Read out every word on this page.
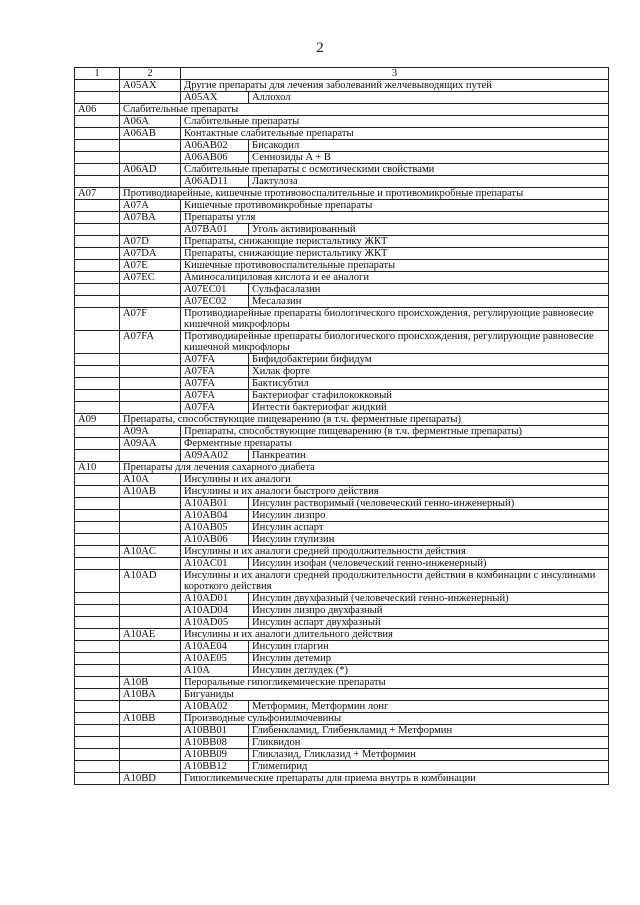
2
1	2	3	
	A05AX	Другие препараты для лечения заболеваний желчевыводящих путей	
		A05AX	Аллохол
A06	Слабительные препараты		
	A06A	Слабительные препараты	
	A06AB	Контактные слабительные препараты	
		A06AB02	Бисакодил
		A06AB06	Сеннозиды A + B
	A06AD	Слабительные препараты с осмотическими свойствами	
		A06AD11	Лактулоза
A07	Противодиарейные, кишечные противовоспалительные и противомикробные препараты		
	A07A	Кишечные противомикробные препараты	
	A07BA	Препараты угля	
		A07BA01	Уголь активированный
	A07D	Препараты, снижающие перистальтику ЖКТ	
	A07DA	Препараты, снижающие перистальтику ЖКТ	
	A07E	Кишечные противовоспалительные препараты	
	A07EC	Аминосалициловая кислота и ее аналоги	
		A07EC01	Сульфасалазин
		A07EC02	Месалазин
	A07F	Противодиарейные препараты биологического происхождения, регулирующие равновесие кишечной микрофлоры	
	A07FA	Противодиарейные препараты биологического происхождения, регулирующие равновесие кишечной микрофлоры	
		A07FA	Бифидобактерии бифидум
		A07FA	Хилак форте
		A07FA	Бактисубтил
		A07FA	Бактериофаг стафилококковый
		A07FA	Интести бактериофаг жидкий
A09	Препараты, способствующие пищеварению (в т.ч. ферментные препараты)		
	A09A	Препараты, способствующие пищеварению (в т.ч. ферментные препараты)	
	A09AA	Ферментные препараты	
		A09AA02	Панкреатин
A10	Препараты для лечения сахарного диабета		
	A10A	Инсулины и их аналоги	
	A10AB	Инсулины и их аналоги быстрого действия	
		A10AB01	Инсулин растворимый (человеческий генно-инженерный)
		A10AB04	Инсулин лизпро
		A10AB05	Инсулин аспарт
		A10AB06	Инсулин глулизин
	A10AC	Инсулины и их аналоги средней продолжительности действия	
		A10AC01	Инсулин изофан (человеческий генно-инженерный)
	A10AD	Инсулины и их аналоги средней продолжительности действия в комбинации с инсулинами короткого действия	
		A10AD01	Инсулин двухфазный (человеческий генно-инженерный)
		A10AD04	Инсулин лизпро двухфазный
		A10AD05	Инсулин аспарт двухфазный
	A10AE	Инсулины и их аналоги длительного действия	
		A10AE04	Инсулин гларгин
		A10AE05	Инсулин детемир
		A10A	Инсулин деглудек (*)
	A10B	Пероральные гипогликемические препараты	
	A10BA	Бигуаниды	
		A10BA02	Метформин, Метформин лонг
	A10BB	Производные сульфонилмочевины	
		A10BB01	Глибенкламид, Глибенкламид + Метформин
		A10BB08	Гликвидон
		A10BB09	Гликлазид, Гликлазид + Метформин
		A10BB12	Глимепирид
	A10BD	Гипогликемические препараты для приема внутрь в комбинации	
